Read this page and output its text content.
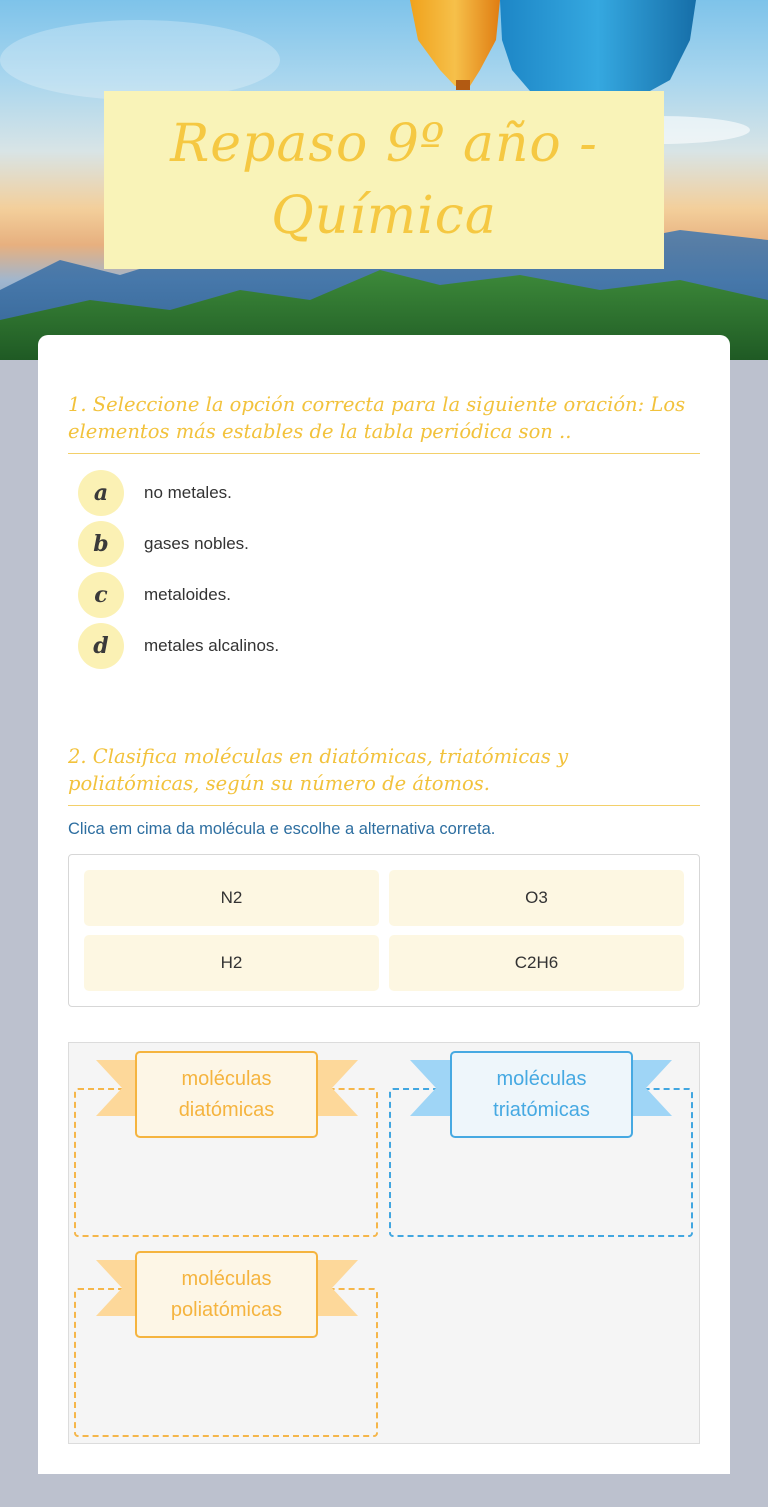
Repaso 9º año - Química
1. Seleccione la opción correcta para la siguiente oración: Los elementos más estables de la tabla periódica son ..
a	no metales.
b	gases nobles.
c	metaloides.
d	metales alcalinos.
2. Clasifica moléculas en diatómicas, triatómicas y poliatómicas, según su número de átomos.
Clica em cima da molécula e escolhe a alternativa correta.
N2	O3
H2	C2H6
moléculas
diatómicas
moléculas
triatómicas
moléculas
poliatómicas
